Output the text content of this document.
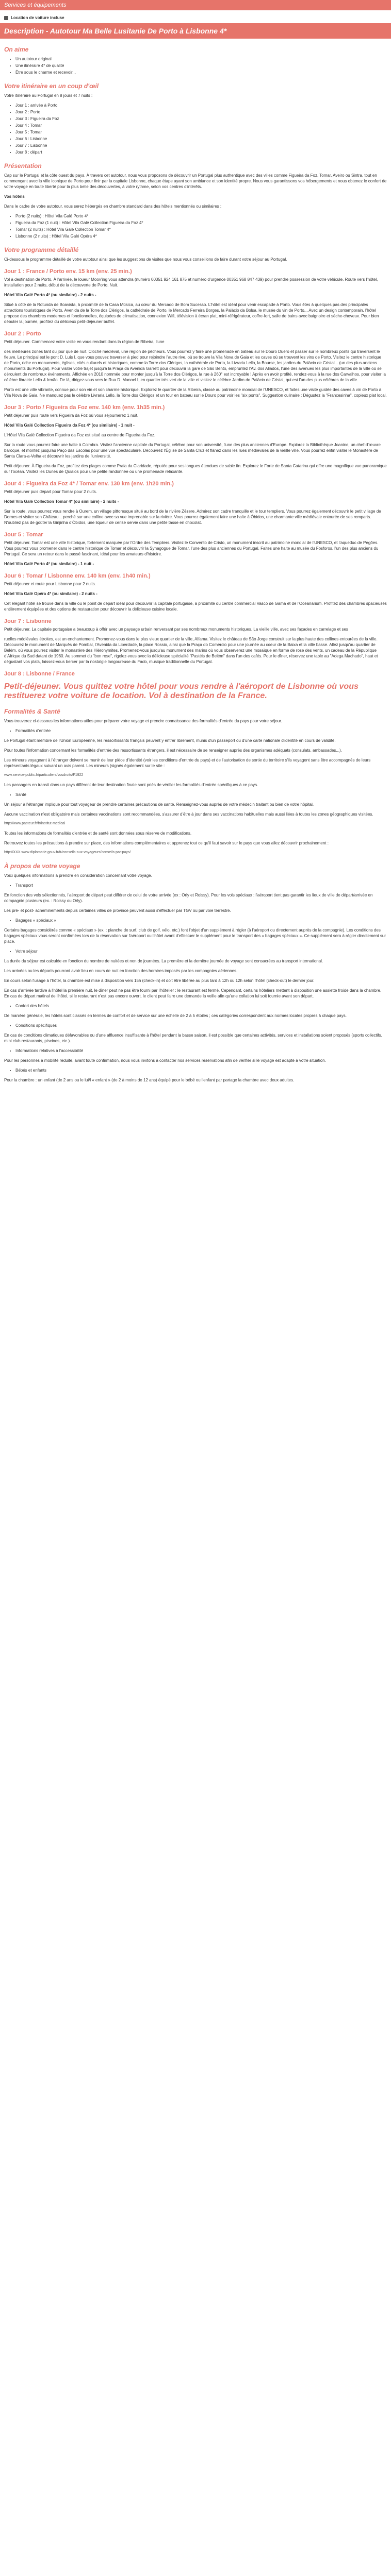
Services et équipements
Location de voiture incluse
Description - Autotour Ma Belle Lusitanie De Porto à Lisbonne 4*
On aime
• Un autotour original
• Une itinéraire 4* de qualité
• Être sous le charme et recevoir...
Votre itinéraire en un coup d'œil

Votre itinéraire au Portugal en 8 jours et 7 nuits :

• Jour 1 : arrivée à Porto
• Jour 2 : Porto
• Jour 3 : Figueira da Foz
• Jour 4 : Tomar
• Jour 5 : Tomar
• Jour 6 : Lisbonne
• Jour 7 : Lisbonne
• Jour 8 : départ
Présentation

Cap sur le Portugal et la côte ouest du pays. À travers cet autotour, nous vous proposons de découvrir un Portugal plus authentique avec des villes comme Figueira da Foz, Tomar, Aveiro ou Sintra, tout en commençant avec la ville iconique de Porto pour finir par la capitale Lisbonne, chaque étape ayant son ambiance et son identité propre. Nous vous garantissons vos hébergements et nous obtenez le confort de votre voyage en toute liberté pour la plus belle des découvertes, à votre rythme, selon vos centres d'intérêts.

Vos hôtels

Dans le cadre de votre autotour, vous serez hébergés en chambre standard dans des hôtels mentionnés ou similaires :

• Porto (2 nuits) : Hôtel Vila Galé Porto 4*
• Figueira da Foz (1 nuit) : Hôtel Vila Galé Collection Figueira da Foz 4*
• Tomar (2 nuits) : Hôtel Vila Galé Collection Tomar 4*
• Lisbonne (2 nuits) : Hôtel Vila Galé Opéra 4*
Votre programme détaillé

Ci-dessous le programme détaillé de votre autotour ainsi que les suggestions de visites que nous vous conseillons de faire durant votre séjour au Portugal.

Jour 1 : France / Porto env. 15 km (env. 25 min.)

Vol à destination de Porto. À l'arrivée, le loueur Moov'ing vous attendra (numéro 00351 924 161 875 et numéro d'urgence 00351 968 847 439) pour prendre possession de votre véhicule. Route vers l'hôtel, installation pour 2 nuits, début de la découverte de Porto. Nuit.

Hôtel Vila Galé Porto 4* (ou similaire) - 2 nuits -

Situé à côté de la Rotunda de Boavista, à proximité de la Casa Música, au cœur du Mercado de Bom Sucesso. L'hôtel est idéal pour venir escapade à Porto. Vous êtes à quelques pas des principales attractions touristiques de Porto, Avenida de la Torre dos Clérigos, la cathédrale de Porto, le Mercado Ferreira Borges, la Palácio da Bolsa, le musée du vin de Porto... Avec un design contemporain, l'hôtel propose des chambres modernes et fonctionnelles, équipées de climatisation, connexion Wifi, télévision à écran plat, mini-réfrigérateur, coffre-fort, salle de bains avec baignoire et sèche-cheveux. Pour bien débuter la journée, profitez du délicieux petit-déjeuner buffet.

Jour 2 : Porto

Petit déjeuner. Commencez votre visite en vous rendant dans la région de Ribeira, l'une

des meilleures zones tant du jour que de nuit. Cloché médiéval, une région de pêcheurs. Vous pourrez y faire une promenade en bateau sur le Douro Duero et passer sur le nombreux ponts qui traversent le fleuve. Le principal est le pont D. Luís I, que vous pouvez traverser à pied pour rejoindre l'autre rive, où se trouve la Vila Nova de Gaia et les caves où se trouvent les vins de Porto. Visitez le centre historique de Porto, riche en monuments, églises, cités culturels et historiques, comme la Torre dos Clérigos, la cathédrale de Porto, la Livraria Lello, la Bourse, les jardins du Palácio de Cristal... (un des plus anciens monuments du Portugal). Pour visiter votre trajet jusqu'à la Praça da Avenida Garrett pour découvrir la gare de São Bento, empruntez l'Av. dos Aliados, l'une des avenues les plus importantes de la ville où se déroulent de nombreux événements. Affichée en 2010 nommée pour monter jusqu'à la Torre dos Clérigos, la rue à 260° est incroyable ! Après en avoir profité, rendez-vous à la rue dos Carvalhos, pour visiter la célèbre librairie Lello & Irmão. De là, dirigez-vous vers le Rua D. Manoel I, en quartier très vert de la ville et visitez le célèbre Jardim do Palácio de Cristal, qui est l'un des plus célèbres de la ville.

Porto est une ville vibrante, connue pour son vin et son charme historique. Explorez le quartier de la Ribeira, classé au patrimoine mondial de l'UNESCO, et faites une visite guidée des caves à vin de Porto à Vila Nova de Gaia. Ne manquez pas le célèbre Livraria Lello, la Torre dos Clérigos et un tour en bateau sur le Douro pour voir les "six ponts". Suggestion culinaire : Dégustez la "Francesinha", copieux plat local.

Jour 3 : Porto / Figueira da Foz env. 140 km (env. 1h35 min.)

Petit déjeuner puis route vers Figueira da Foz où vous séjournerez 1 nuit.

Hôtel Vila Galé Collection Figueira da Foz 4* (ou similaire) - 1 nuit -

L'Hôtel Vila Galé Collection Figueira da Foz est situé au centre de Figueira da Foz.

Sur la route vous pourrez faire une halte à Coimbra. Visitez l'ancienne capitale du Portugal, célèbre pour son université, l'une des plus anciennes d'Europe. Explorez la Bibliothèque Joanine, un chef-d'œuvre baroque, et montez jusqu'au Paço das Escolas pour une vue spectaculaire. Découvrez l'Église de Santa Cruz et flânez dans les rues médiévales de la vieille ville. Vous pourrez enfin visiter le Monastère de Santa Clara-a-Velha et découvrir les jardins de l'université.

Petit déjeuner. À Figueira da Foz, profitez des plages comme Praia da Claridade, réputée pour ses longues étendues de sable fin. Explorez le Forte de Santa Catarina qui offre une magnifique vue panoramique sur l'océan. Visitez les Dunes de Quiaios pour une petite randonnée ou une promenade relaxante.

Jour 4 : Figueira da Foz 4* / Tomar env. 130 km (env. 1h20 min.)

Petit déjeuner puis départ pour Tomar pour 2 nuits.

Hôtel Vila Galé Collection Tomar 4* (ou similaire) - 2 nuits -

Sur la route, vous pourrez vous rendre à Ourem, un village pittoresque situé au bord de la rivière Zêzere. Admirez son cadre tranquille et le tour templiers. Vous pourrez également découvrir le petit village de Dornes et visiter son Château... perché sur une colline avec sa vue imprenable sur la rivière. Vous pourrez également faire une halte à Óbidos, une charmante ville médiévale entourée de ses remparts. N'oubliez pas de goûter la Ginjinha d'Óbidos, une liqueur de cerise servie dans une petite tasse en chocolat.

Jour 5 : Tomar

Petit déjeuner. Tomar est une ville historique, fortement marquée par l'Ordre des Templiers. Visitez le Convento de Cristo, un monument inscrit au patrimoine mondial de l'UNESCO, et l'aqueduc de Pegões. Vous pourrez vous promener dans le centre historique de Tomar et découvrir la Synagogue de Tomar, l'une des plus anciennes du Portugal. Faites une halte au musée du Fosforos, l'un des plus anciens du Portugal. Ce sera un retour dans le passé fascinant, idéal pour les amateurs d'histoire.

Hôtel Vila Galé Porto 4* (ou similaire) - 1 nuit -

Jour 6 : Tomar / Lisbonne env. 140 km (env. 1h40 min.)

Petit déjeuner et route pour Lisbonne pour 2 nuits.

Hôtel Vila Galé Opéra 4* (ou similaire) - 2 nuits -

Cet élégant hôtel se trouve dans la ville où le point de départ idéal pour découvrir la capitale portugaise, à proximité du centre commercial Vasco de Gama et de l'Oceanarium. Profitez des chambres spacieuses entièrement équipées et des options de restauration pour découvrir la délicieuse cuisine locale.

Jour 7 : Lisbonne

Petit déjeuner. La capitale portugaise a beaucoup à offrir avec un paysage urbain renversant par ses nombreux monuments historiques. La vieille ville, avec ses façades en carrelage et ses

ruelles médiévales étroites, est un enchantement. Promenez-vous dans le plus vieux quartier de la ville, Alfama. Visitez le château de São Jorge construit sur la plus haute des collines entourées de la ville. Découvrez le monument de Marquês de Pombal, l'Avenida da Liberdade, la place Rossio, ainsi que la Praça do Comércio pour une journée au coeur de la Baixa et la ville basse. Allez jusqu'au quartier de Belém, où vous pourrez visiter le monastère des Hiéronymites. Promenez-vous jusqu'au monument des marins où vous observerez une mosaïque en forme de rose des vents, un cadeau de la République d'Afrique du Sud datant de 1960. Au sommet du "bon rose", rigolez-vous avec la délicieuse spécialité "Pastéis de Belém" dans l'un des cafés. Pour le dîner, réservez une table au "Adega Machado", haut et dégustant vos plats, laissez-vous bercer par la nostalgie langoureuse du Fado, musique traditionnelle du Portugal.

Jour 8 : Lisbonne / France
Petit-déjeuner. Vous quittez votre hôtel pour vous rendre à l'aéroport de Lisbonne où vous restituerez votre voiture de location. Vol à destination de la France.
Formalités & Santé

Vous trouverez ci-dessous les informations utiles pour préparer votre voyage et prendre connaissance des formalités d'entrée du pays pour votre séjour.

• Formalités d'entrée

Le Portugal étant membre de l'Union Européenne, les ressortissants français peuvent y entrer librement, munis d'un passeport ou d'une carte nationale d'identité en cours de validité.

Pour toutes l'information concernant les formalités d'entrée des ressortissants étrangers, il est nécessaire de se renseigner auprès des organismes adéquats (consulats, ambassades...).

Les mineurs voyageant à l'étranger doivent se munir de leur pièce d'identité (voir les conditions d'entrée du pays) et de l'autorisation de sortie du territoire s'ils voyagent sans être accompagnés de leurs représentants légaux suivant un avis parent. Les mineurs (signés également sur le site :

www.service-public.fr/particuliers/vosdroits/F1922

Les passagers en transit dans un pays différent de leur destination finale sont priés de vérifier les formalités d'entrée spécifiques à ce pays.

• Santé

Un séjour à l'étranger implique pour tout voyageur de prendre certaines précautions de santé. Renseignez-vous auprès de votre médecin traitant ou bien de votre hôpital.

Aucune vaccination n'est obligatoire mais certaines vaccinations sont recommandées, s'assurer d'être à jour dans ses vaccinations habituelles mais aussi liées à toutes les zones géographiques visitées.

http://www.pasteur.fr/fr/institut-medical

Toutes les informations de formalités d'entrée et de santé sont données sous réserve de modifications.

Retrouvez toutes les précautions à prendre sur place, des informations complémentaires et apprenez tout ce qu'il faut savoir sur le pays que vous allez découvrir prochainement :

http://XXX.www.diplomatie.gouv.fr/fr/conseils-aux-voyageurs/conseils-par-pays/

À propos de votre voyage

Voici quelques informations à prendre en considération concernant votre voyage.

• Transport

En fonction des vols sélectionnés, l'aéroport de départ peut différer de celui de votre arrivée (ex : Orly et Roissy). Pour les vols spéciaux : l'aéroport tient pas garantir les lieux de ville de départ/arrivée en compagnie plusieurs (ex. : Roissy ou Orly).

Les pré- et post- acheminements depuis certaines villes de province peuvent aussi s'effectuer par TGV ou par voie terrestre.

• Bagages « spéciaux »

Certains bagages considérés comme « spéciaux » (ex. : planche de surf, club de golf, vélo, etc.) font l'objet d'un supplément à régler (à l'aéroport ou directement auprès de la compagnie). Les conditions des bagages spéciaux vous seront confirmées lors de la réservation sur l'aéroport ou l'hôtel avant d'effectuer le supplément pour le transport des « bagages spéciaux ». Ce supplément sera à régler directement sur place.

• Votre séjour

La durée du séjour est calculée en fonction du nombre de nuitées et non de journées. La première et la dernière journée de voyage sont consacrées au transport international.

Les arrivées ou les départs pourront avoir lieu en cours de nuit en fonction des horaires imposés par les compagnies aériennes.

En cours selon l'usage à l'hôtel, la chambre est mise à disposition vers 15h (check-in) et doit être libérée au plus tard à 12h ou 12h selon l'hôtel (check-out) le dernier jour.

En cas d'arrivée tardive à l'hôtel la première nuit, le dîner peut ne pas être fourni par l'hôtelier : le restaurant est fermé. Cependant, certains hôteliers mettent à disposition une assiette froide dans la chambre. En cas de départ matinal de l'hôtel, si le restaurant n'est pas encore ouvert, le client peut faire une demande la veille afin qu'une collation lui soit fournie avant son départ.

• Confort des hôtels

De manière générale, les hôtels sont classés en termes de confort et de service sur une échelle de 2 à 5 étoiles ; ces catégories correspondent aux normes locales propres à chaque pays.

• Conditions spécifiques

En cas de conditions climatiques défavorables ou d'une affluence insuffisante à l'hôtel pendant la basse saison, il est possible que certaines activités, services et installations soient proposés (sports collectifs, mini club restaurants, piscines, etc.).

• Informations relatives à l'accessibilité

Pour les personnes à mobilité réduite, avant toute confirmation, nous vous invitons à contacter nos services réservations afin de vérifier si le voyage est adapté à votre situation.

• Bébés et enfants

Pour la chambre : un enfant (de 2 ans ou le lui/l « enfant » (de 2 à moins de 12 ans) équipé pour le bébé ou l'enfant par partage la chambre avec deux adultes.
